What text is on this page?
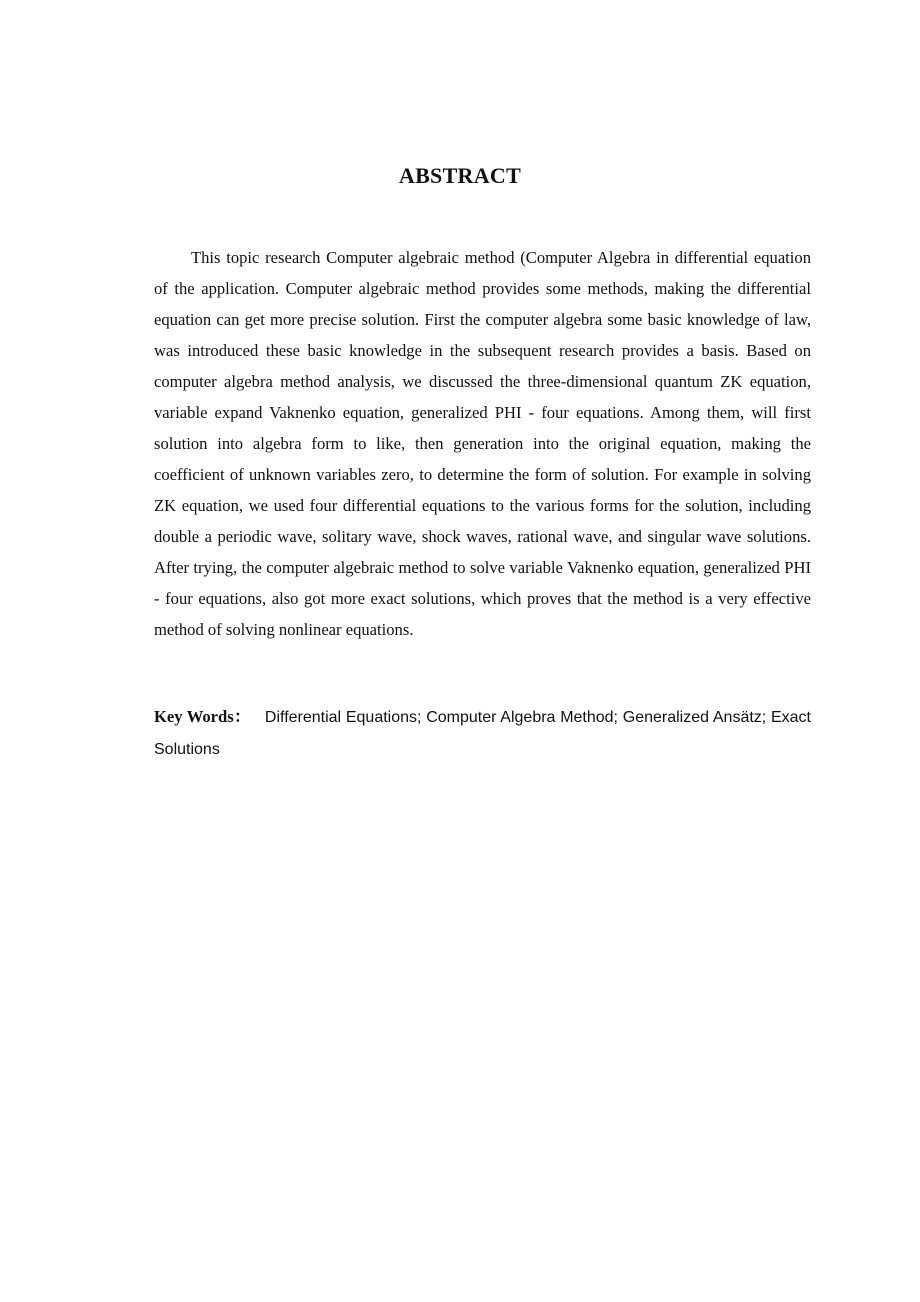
ABSTRACT

This topic research Computer algebraic method (Computer Algebra in differential equation of the application. Computer algebraic method provides some methods, making the differential equation can get more precise solution. First the computer algebra some basic knowledge of law, was introduced these basic knowledge in the subsequent research provides a basis. Based on computer algebra method analysis, we discussed the three-dimensional quantum ZK equation, variable expand Vaknenko equation, generalized PHI - four equations. Among them, will first solution into algebra form to like, then generation into the original equation, making the coefficient of unknown variables zero, to determine the form of solution. For example in solving ZK equation, we used four differential equations to the various forms for the solution, including double a periodic wave, solitary wave, shock waves, rational wave, and singular wave solutions. After trying, the computer algebraic method to solve variable Vaknenko equation, generalized PHI - four equations, also got more exact solutions, which proves that the method is a very effective method of solving nonlinear equations.

Key Words： Differential Equations; Computer Algebra Method; Generalized Ansätz; Exact Solutions
